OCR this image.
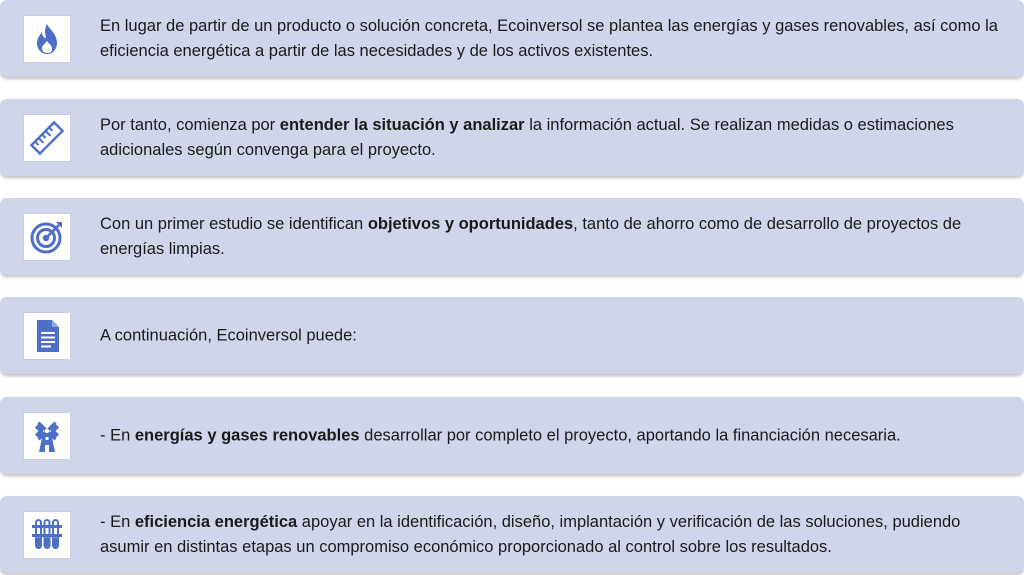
En lugar de partir de un producto o solución concreta, Ecoinversol se plantea las energías y gases renovables, así como la eficiencia energética a partir de las necesidades y de los activos existentes.
Por tanto, comienza por entender la situación y analizar la información actual. Se realizan medidas o estimaciones adicionales según convenga para el proyecto.
Con un primer estudio se identifican objetivos y oportunidades, tanto de ahorro como de desarrollo de proyectos de energías limpias.
A continuación, Ecoinversol puede:
- En energías y gases renovables desarrollar por completo el proyecto, aportando la financiación necesaria.
- En eficiencia energética apoyar en la identificación, diseño, implantación y verificación de las soluciones, pudiendo asumir en distintas etapas un compromiso económico proporcionado al control sobre los resultados.
